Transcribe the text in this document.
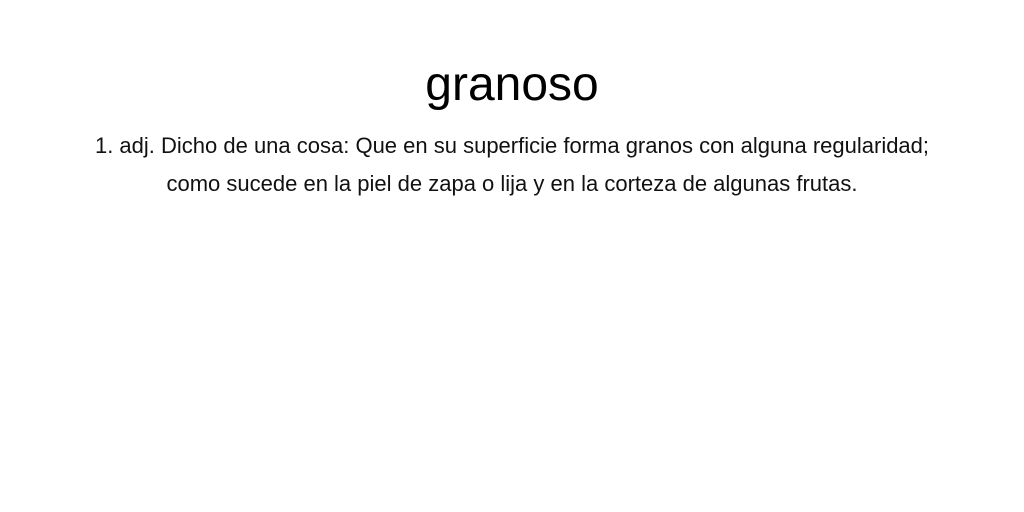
granoso

1. adj. Dicho de una cosa: Que en su superficie forma granos con alguna regularidad; como sucede en la piel de zapa o lija y en la corteza de algunas frutas.
